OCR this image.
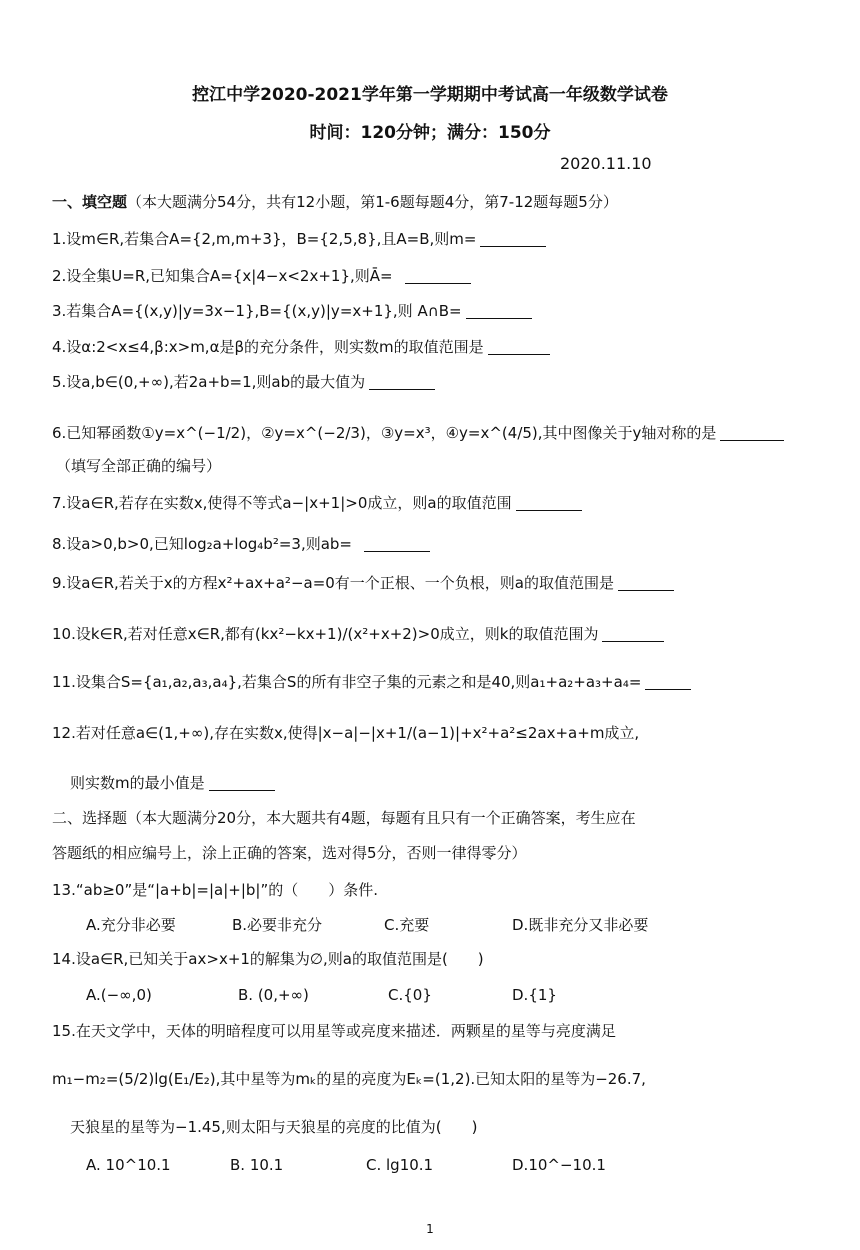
控江中学2020-2021学年第一学期期中考试高一年级数学试卷
时间：120分钟；满分：150分
2020.11.10
一、填空题（本大题满分54分，共有12小题，第1-6题每题4分，第7-12题每题5分）
1.设m∈R,若集合A={2,m,m+3}，B={2,5,8},且A=B,则m=
2.设全集U=R,已知集合A={x|4−x<2x+1},则Ā=
3.若集合A={(x,y)|y=3x−1},B={(x,y)|y=x+1},则 A∩B=
4.设α:2<x≤4,β:x>m,α是β的充分条件，则实数m的取值范围是
5.设a,b∈(0,+∞),若2a+b=1,则ab的最大值为
6.已知幂函数①y=x^(−1/2)，②y=x^(−2/3)，③y=x³，④y=x^(4/5),其中图像关于y轴对称的是
（填写全部正确的编号）
7.设a∈R,若存在实数x,使得不等式a−|x+1|>0成立，则a的取值范围
8.设a>0,b>0,已知log₂a+log₄b²=3,则ab=
9.设a∈R,若关于x的方程x²+ax+a²−a=0有一个正根、一个负根，则a的取值范围是
10.设k∈R,若对任意x∈R,都有(kx²−kx+1)/(x²+x+2)>0成立，则k的取值范围为
11.设集合S={a₁,a₂,a₃,a₄},若集合S的所有非空子集的元素之和是40,则a₁+a₂+a₃+a₄=
12.若对任意a∈(1,+∞),存在实数x,使得|x−a|−|x+1/(a−1)|+x²+a²≤2ax+a+m成立,
则实数m的最小值是
二、选择题（本大题满分20分，本大题共有4题，每题有且只有一个正确答案，考生应在
答题纸的相应编号上，涂上正确的答案，选对得5分，否则一律得零分）
13.“ab≥0”是“|a+b|=|a|+|b|”的（　　）条件.
A.充分非必要	B.必要非充分	C.充要	D.既非充分又非必要
14.设a∈R,已知关于ax>x+1的解集为∅,则a的取值范围是(　　)
A.(−∞,0)	B. (0,+∞)	C.{0}	D.{1}
15.在天文学中，天体的明暗程度可以用星等或亮度来描述．两颗星的星等与亮度满足
m₁−m₂=(5/2)lg(E₁/E₂),其中星等为mₖ的星的亮度为Eₖ=(1,2).已知太阳的星等为−26.7,
天狼星的星等为−1.45,则太阳与天狼星的亮度的比值为(　　)
A. 10^10.1	B. 10.1	C. lg10.1	D.10^−10.1
1
